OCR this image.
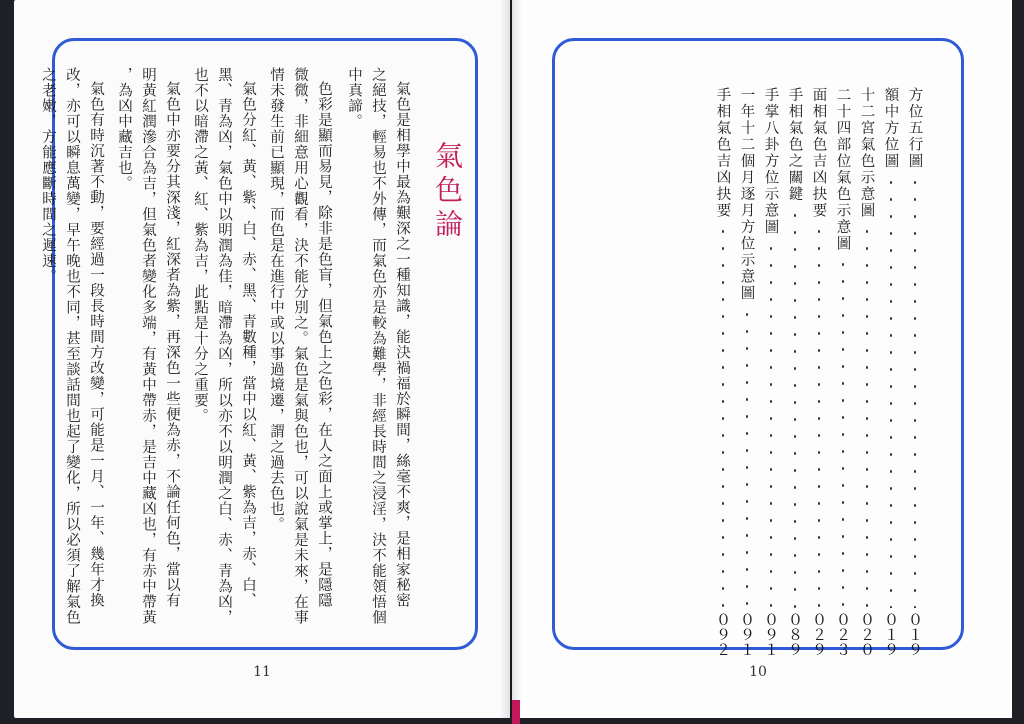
氣色論
氣色是相學中最為艱深之一種知識，能決禍福於瞬間，絲毫不爽，是相家秘密
之絕技，輕易也不外傳，而氣色亦是較為難學，非經長時間之浸淫，決不能領悟個
中真諦。
色彩是顯而易見，除非是色盲，但氣色上之色彩，在人之面上或掌上，是隱隱
微微，非細意用心觀看，決不能分別之。氣色是氣與色也，可以說氣是未來，在事
情未發生前已顯現，而色是在進行中或以事過境遷，謂之過去色也。
氣色分紅、黃、紫、白、赤、黑、青數種，當中以紅、黃、紫為吉，赤、白、
黑、青為凶，氣色中以明潤為佳，暗滯為凶，所以亦不以明潤之白、赤、青為凶，
也不以暗滯之黃、紅、紫為吉，此點是十分之重要。
氣色中亦要分其深淺，紅深者為紫，再深色一些便為赤，不論任何色，當以有
明黃紅潤滲合為吉，但氣色者變化多端，有黃中帶赤，是吉中藏凶也，有赤中帶黃
，為凶中藏吉也。
氣色有時沉著不動，要經過一段長時間方改變，可能是一月、一年、幾年才換
改，亦可以瞬息萬變，早午晚也不同，甚至談話間也起了變化，所以必須了解氣色
之老嫩，方能應斷時間之遲速。
11
方位五行圖
０１９
額中方位圖
０１９
十二宮氣色示意圖
０２０
二十四部位氣色示意圖
０２３
面相氣色吉凶抉要
０２９
手相氣色之關鍵
０８９
手掌八卦方位示意圖
０９１
一年十二個月逐月方位示意圖
０９１
手相氣色吉凶抉要
０９２
10
